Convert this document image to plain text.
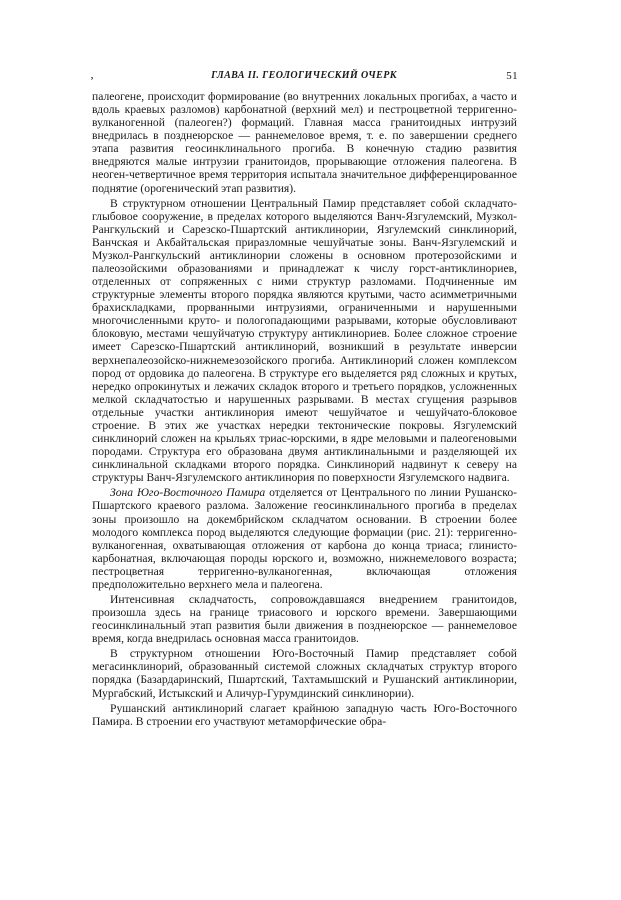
‚	ГЛАВА II. ГЕОЛОГИЧЕСКИЙ ОЧЕРК	51

палеогене, происходит формирование (во внутренних локальных прогибах, а часто и вдоль краевых разломов) карбонатной (верхний мел) и пестроцветной терригенно-вулканогенной (палеоген?) формаций. Главная масса гранитоидных интрузий внедрилась в позднеюрское — раннемеловое время, т. е. по завершении среднего этапа развития геосинклинального прогиба. В конечную стадию развития внедряются малые интрузии гранитоидов, прорывающие отложения палеогена. В неоген-четвертичное время территория испытала значительное дифференцированное поднятие (орогенический этап развития).

В структурном отношении Центральный Памир представляет собой складчато-глыбовое сооружение, в пределах которого выделяются Ванч-Язгулемский, Музкол-Рангкульский и Сарезско-Пшартский антиклинории, Язгулемский синклинорий, Ванчская и Акбайтальская приразломные чешуйчатые зоны. Ванч-Язгулемский и Музкол-Рангкульский антиклинории сложены в основном протерозойскими и палеозойскими образованиями и принадлежат к числу горст-антиклинориев, отделенных от сопряженных с ними структур разломами. Подчиненные им структурные элементы второго порядка являются крутыми, часто асимметричными брахискладками, прорванными интрузиями, ограниченными и нарушенными многочисленными круто- и пологопадающими разрывами, которые обусловливают блоковую, местами чешуйчатую структуру антиклинориев. Более сложное строение имеет Сарезско-Пшартский антиклинорий, возникший в результате инверсии верхнепалеозойско-нижнемезозойского прогиба. Антиклинорий сложен комплексом пород от ордовика до палеогена. В структуре его выделяется ряд сложных и крутых, нередко опрокинутых и лежачих складок второго и третьего порядков, усложненных мелкой складчатостью и нарушенных разрывами. В местах сгущения разрывов отдельные участки антиклинория имеют чешуйчатое и чешуйчато-блоковое строение. В этих же участках нередки тектонические покровы. Язгулемский синклинорий сложен на крыльях триас-юрскими, в ядре меловыми и палеогеновыми породами. Структура его образована двумя антиклинальными и разделяющей их синклинальной складками второго порядка. Синклинорий надвинут к северу на структуры Ванч-Язгулемского антиклинория по поверхности Язгулемского надвига.

Зона Юго-Восточного Памира отделяется от Центрального по линии Рушанско-Пшартского краевого разлома. Заложение геосинклинального прогиба в пределах зоны произошло на докембрийском складчатом основании. В строении более молодого комплекса пород выделяются следующие формации (рис. 21): терригенно-вулканогенная, охватывающая отложения от карбона до конца триаса; глинисто-карбонатная, включающая породы юрского и, возможно, нижнемелового возраста; пестроцветная терригенно-вулканогенная, включающая отложения предположительно верхнего мела и палеогена.

Интенсивная складчатость, сопровождавшаяся внедрением гранитоидов, произошла здесь на границе триасового и юрского времени. Завершающими геосинклинальный этап развития были движения в позднеюрское — раннемеловое время, когда внедрилась основная масса гранитоидов.

В структурном отношении Юго-Восточный Памир представляет собой мегасинклинорий, образованный системой сложных складчатых структур второго порядка (Базардаринский, Пшартский, Тахтамышский и Рушанский антиклинории, Мургабский, Истыкский и Аличур-Гурумдинский синклинории).

Рушанский антиклинорий слагает крайнюю западную часть Юго-Восточного Памира. В строении его участвуют метаморфические обра-
